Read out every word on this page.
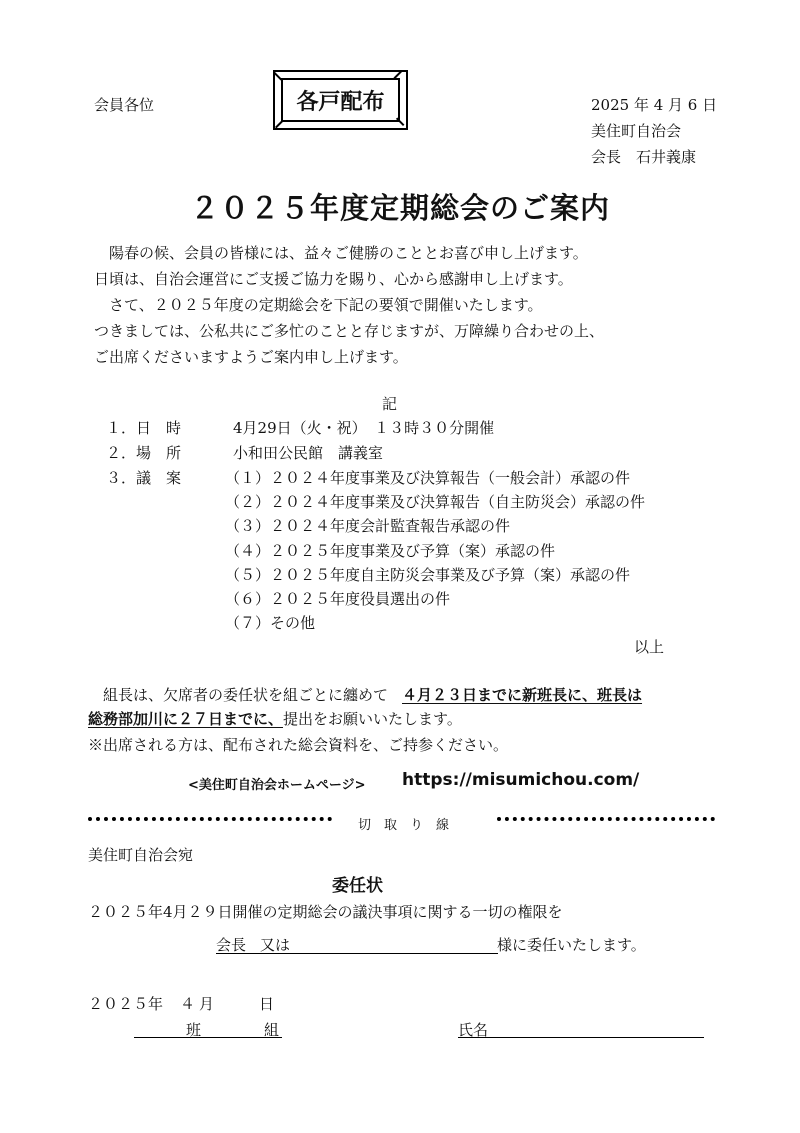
会員各位	各戸配布	2025 年 4 月 6 日
美住町自治会
会長　石井義康
２０２５年度定期総会のご案内
　陽春の候、会員の皆様には、益々ご健勝のこととお喜び申し上げます。
日頃は、自治会運営にご支援ご協力を賜り、心から感謝申し上げます。
　さて、２０２５年度の定期総会を下記の要領で開催いたします。
つきましては、公私共にご多忙のことと存じますが、万障繰り合わせの上、
ご出席くださいますようご案内申し上げます。
記
１．日　時	4月29日（火・祝）　１３時３０分開催
２．場　所	小和田公民館　講義室
３．議　案	（１）２０２４年度事業及び決算報告（一般会計）承認の件
（２）２０２４年度事業及び決算報告（自主防災会）承認の件
（３）２０２４年度会計監査報告承認の件
（４）２０２５年度事業及び予算（案）承認の件
（５）２０２５年度自主防災会事業及び予算（案）承認の件
（６）２０２５年度役員選出の件
（７）その他
以上
　組長は、欠席者の委任状を組ごとに纏めて ４月２３日までに新班長に、班長は
総務部加川に２７日までに、提出をお願いいたします。
※出席される方は、配布された総会資料を、ご持参ください。
<美住町自治会ホームページ> https://misumichou.com/
切　取　り　線
美住町自治会宛
委任状
２０２５年4月２９日開催の定期総会の議決事項に関する一切の権限を
会長 又は	様に委任いたします。
２０２５年 ４ 月	日
班	組	氏名
